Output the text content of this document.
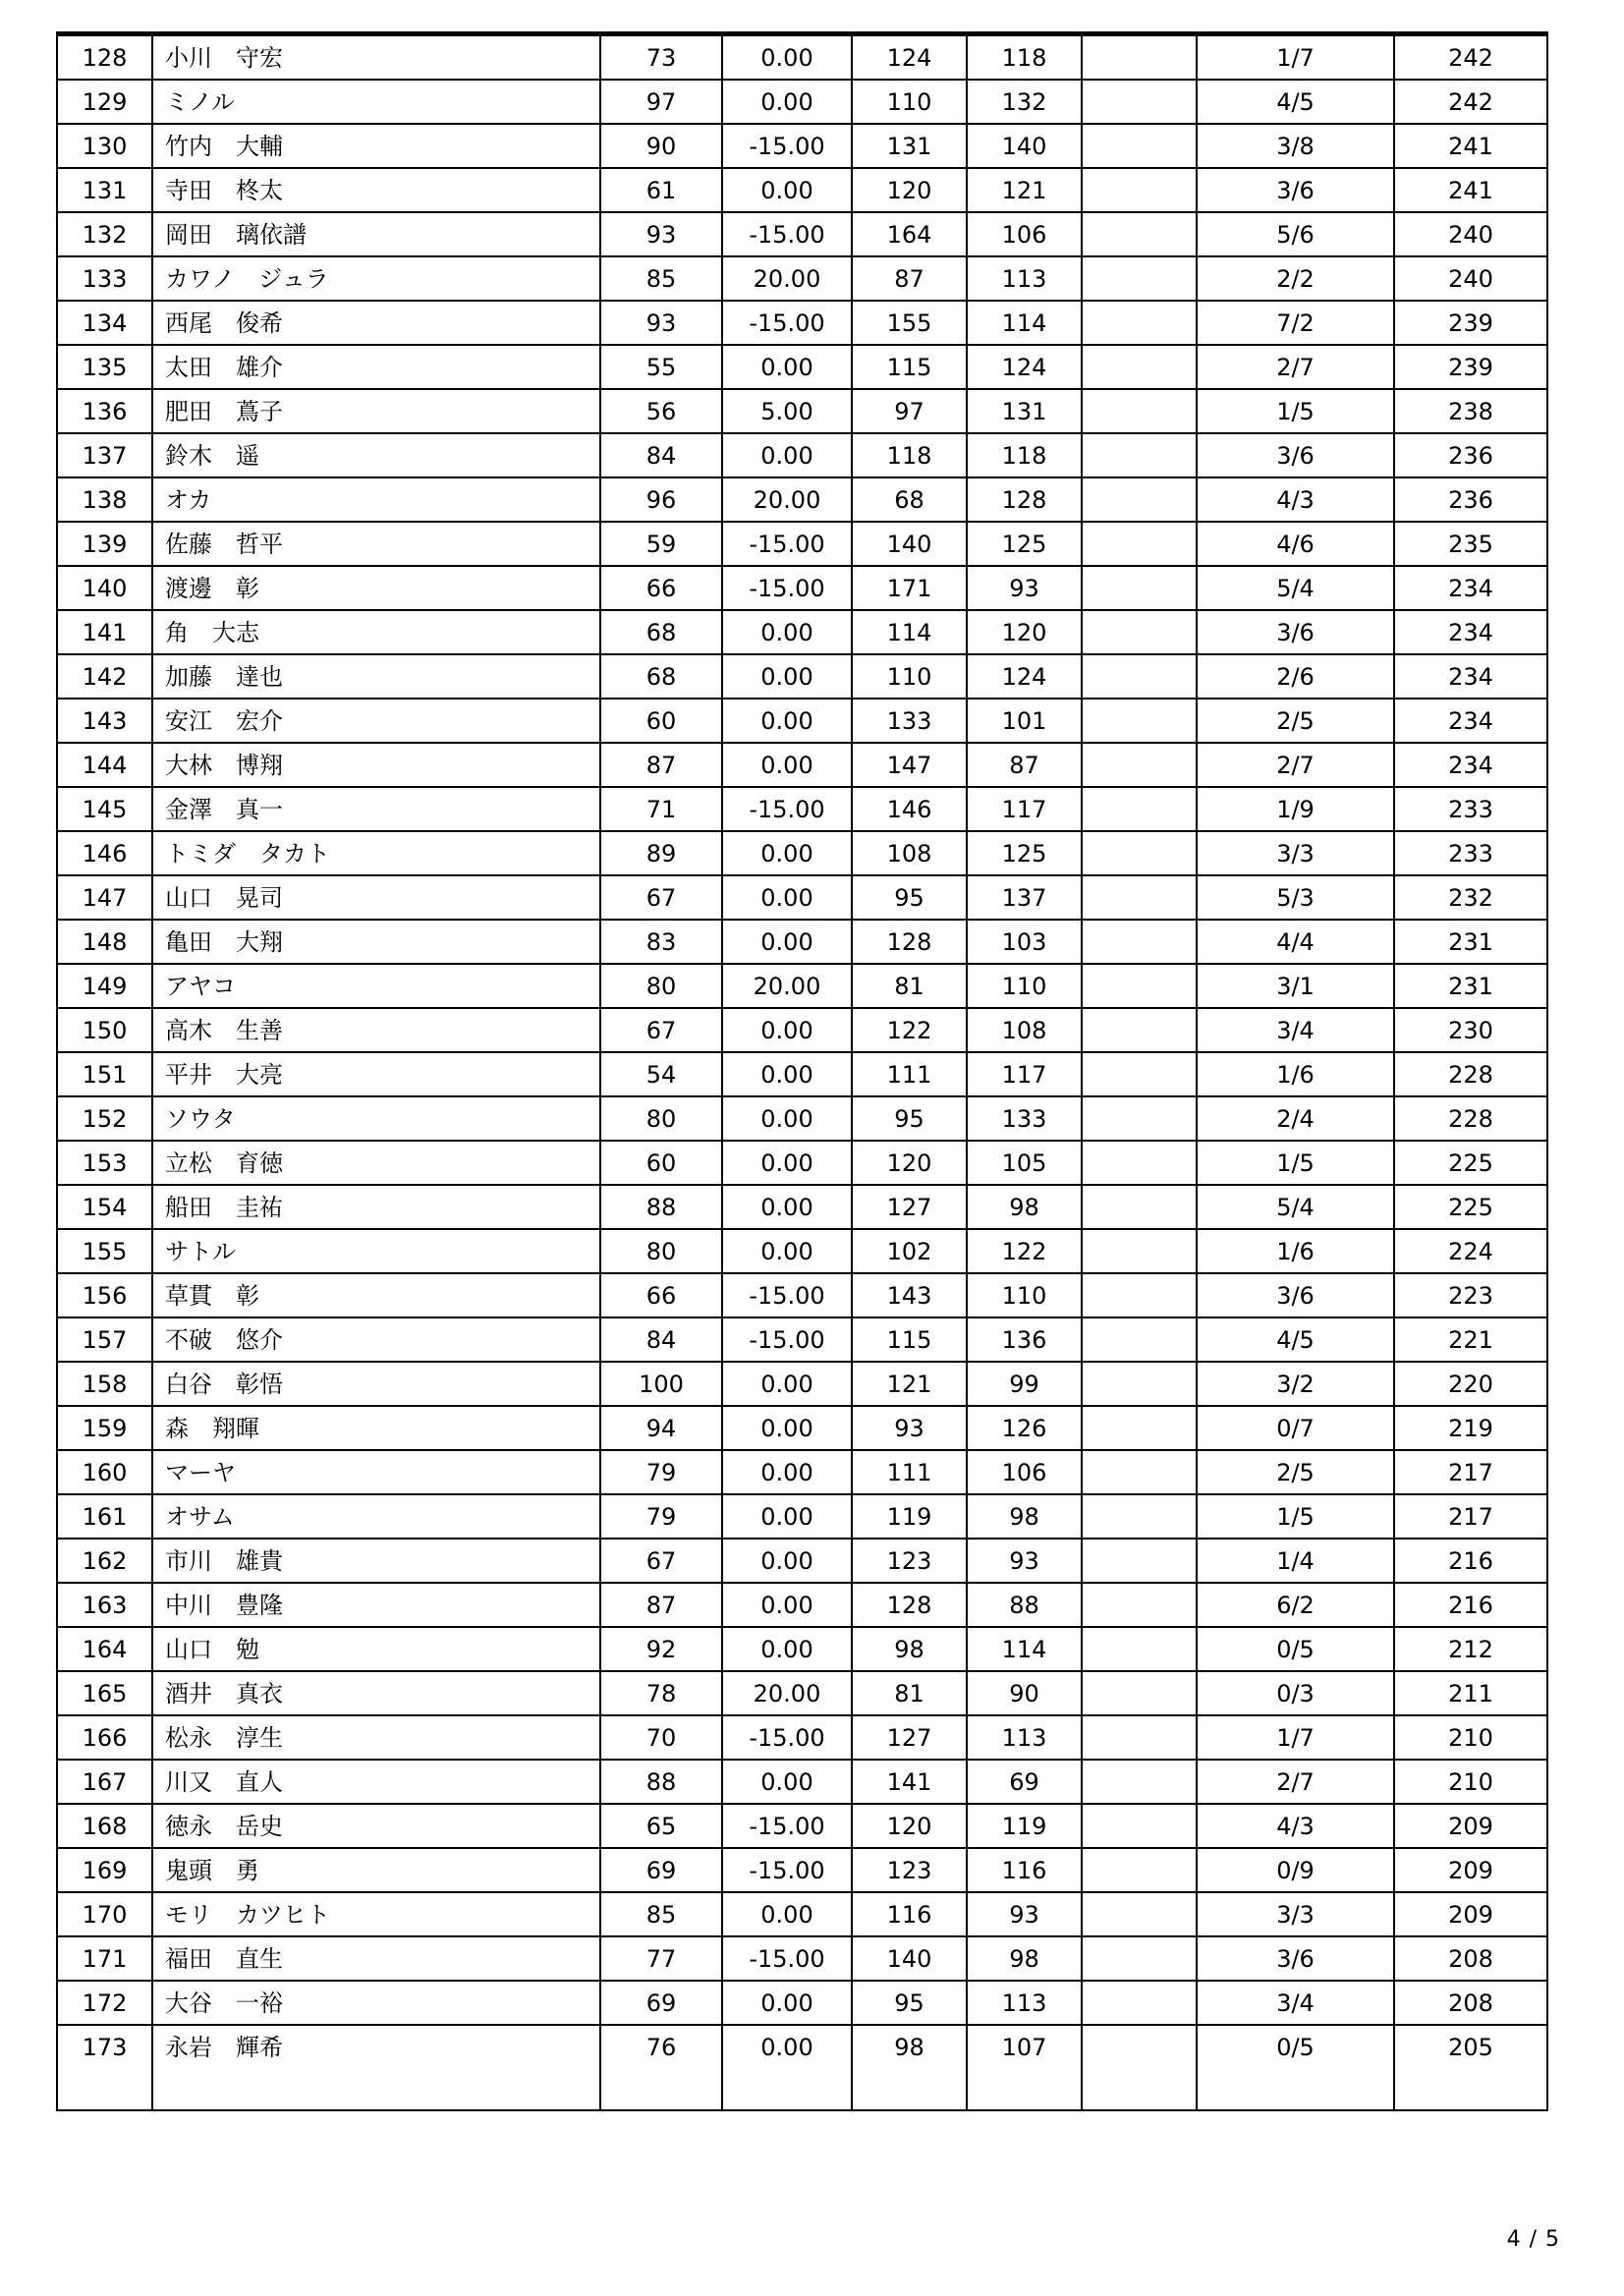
128	小川　守宏	73	0.00	124	118		1/7	242
129	ミノル	97	0.00	110	132		4/5	242
130	竹内　大輔	90	-15.00	131	140		3/8	241
131	寺田　柊太	61	0.00	120	121		3/6	241
132	岡田　璃依譜	93	-15.00	164	106		5/6	240
133	カワノ　ジュラ	85	20.00	87	113		2/2	240
134	西尾　俊希	93	-15.00	155	114		7/2	239
135	太田　雄介	55	0.00	115	124		2/7	239
136	肥田　蔦子	56	5.00	97	131		1/5	238
137	鈴木　遥	84	0.00	118	118		3/6	236
138	オカ	96	20.00	68	128		4/3	236
139	佐藤　哲平	59	-15.00	140	125		4/6	235
140	渡邊　彰	66	-15.00	171	93		5/4	234
141	角　大志	68	0.00	114	120		3/6	234
142	加藤　達也	68	0.00	110	124		2/6	234
143	安江　宏介	60	0.00	133	101		2/5	234
144	大林　博翔	87	0.00	147	87		2/7	234
145	金澤　真一	71	-15.00	146	117		1/9	233
146	トミダ　タカト	89	0.00	108	125		3/3	233
147	山口　晃司	67	0.00	95	137		5/3	232
148	亀田　大翔	83	0.00	128	103		4/4	231
149	アヤコ	80	20.00	81	110		3/1	231
150	高木　生善	67	0.00	122	108		3/4	230
151	平井　大亮	54	0.00	111	117		1/6	228
152	ソウタ	80	0.00	95	133		2/4	228
153	立松　育徳	60	0.00	120	105		1/5	225
154	船田　圭祐	88	0.00	127	98		5/4	225
155	サトル	80	0.00	102	122		1/6	224
156	草貫　彰	66	-15.00	143	110		3/6	223
157	不破　悠介	84	-15.00	115	136		4/5	221
158	白谷　彰悟	100	0.00	121	99		3/2	220
159	森　翔暉	94	0.00	93	126		0/7	219
160	マーヤ	79	0.00	111	106		2/5	217
161	オサム	79	0.00	119	98		1/5	217
162	市川　雄貴	67	0.00	123	93		1/4	216
163	中川　豊隆	87	0.00	128	88		6/2	216
164	山口　勉	92	0.00	98	114		0/5	212
165	酒井　真衣	78	20.00	81	90		0/3	211
166	松永　淳生	70	-15.00	127	113		1/7	210
167	川又　直人	88	0.00	141	69		2/7	210
168	徳永　岳史	65	-15.00	120	119		4/3	209
169	鬼頭　勇	69	-15.00	123	116		0/9	209
170	モリ　カツヒト	85	0.00	116	93		3/3	209
171	福田　直生	77	-15.00	140	98		3/6	208
172	大谷　一裕	69	0.00	95	113		3/4	208
173	永岩　輝希	76	0.00	98	107		0/5	205

4 / 5
